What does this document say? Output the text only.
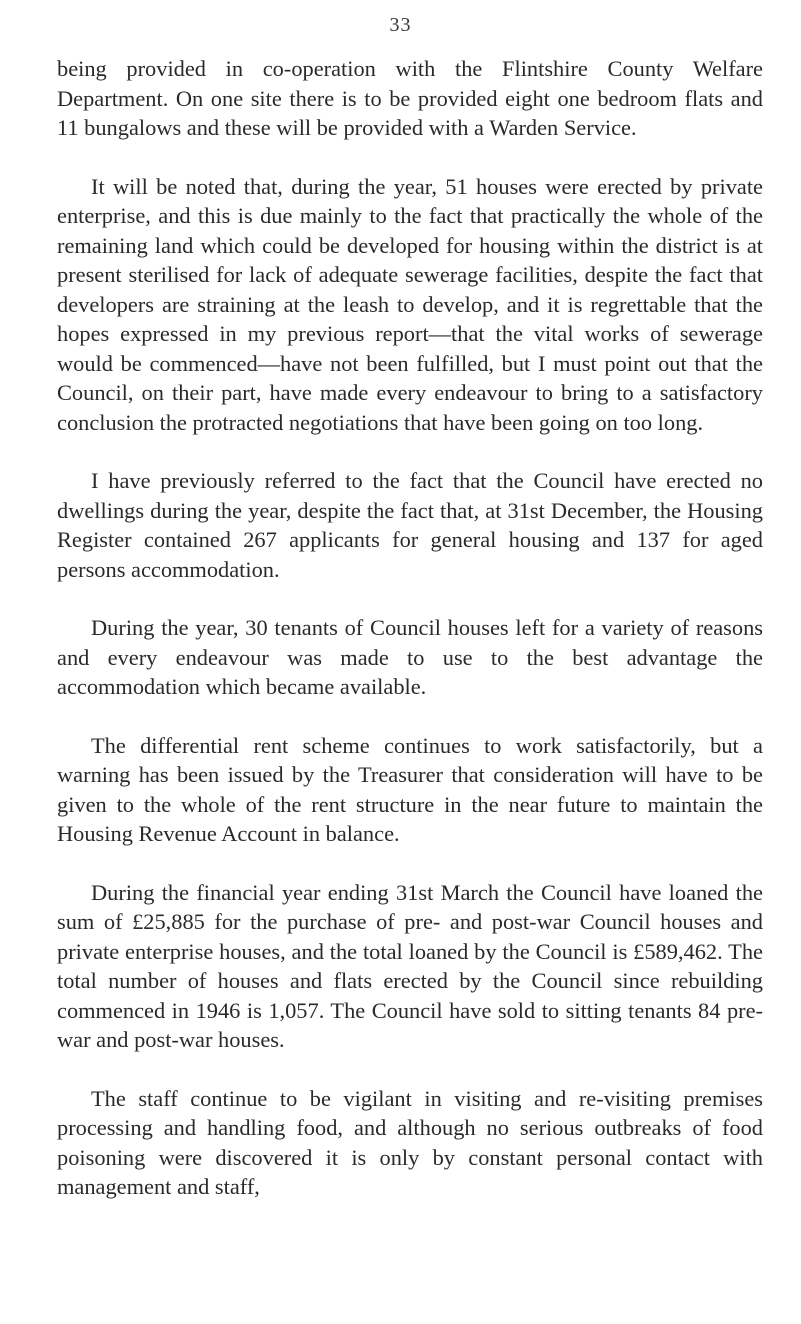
33

being provided in co-operation with the Flintshire County Welfare Department. On one site there is to be provided eight one bedroom flats and 11 bungalows and these will be provided with a Warden Service.

It will be noted that, during the year, 51 houses were erected by private enterprise, and this is due mainly to the fact that practically the whole of the remaining land which could be developed for housing within the district is at present sterilised for lack of adequate sewerage facilities, despite the fact that developers are straining at the leash to develop, and it is regrettable that the hopes expressed in my previous report—that the vital works of sewerage would be commenced—have not been fulfilled, but I must point out that the Council, on their part, have made every endeavour to bring to a satisfactory conclusion the protracted negotiations that have been going on too long.

I have previously referred to the fact that the Council have erected no dwellings during the year, despite the fact that, at 31st December, the Housing Register contained 267 applicants for general housing and 137 for aged persons accommodation.

During the year, 30 tenants of Council houses left for a variety of reasons and every endeavour was made to use to the best advantage the accommodation which became available.

The differential rent scheme continues to work satisfactorily, but a warning has been issued by the Treasurer that consideration will have to be given to the whole of the rent structure in the near future to maintain the Housing Revenue Account in balance.

During the financial year ending 31st March the Council have loaned the sum of £25,885 for the purchase of pre- and post-war Council houses and private enterprise houses, and the total loaned by the Council is £589,462. The total number of houses and flats erected by the Council since rebuilding commenced in 1946 is 1,057. The Council have sold to sitting tenants 84 pre-war and post-war houses.

The staff continue to be vigilant in visiting and re-visiting premises processing and handling food, and although no serious outbreaks of food poisoning were discovered it is only by constant personal contact with management and staff,
